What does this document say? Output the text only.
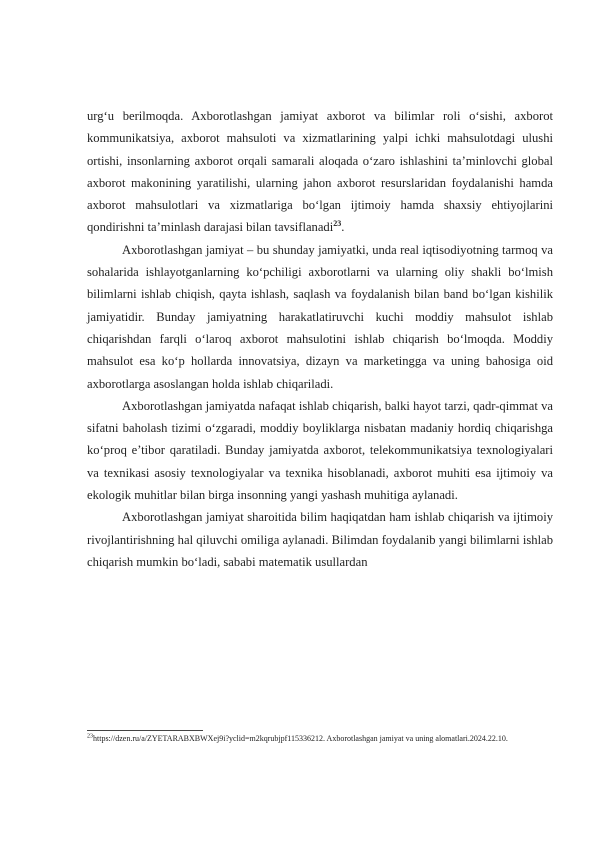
urg‘u berilmoqda. Axborotlashgan jamiyat axborot va bilimlar roli o‘sishi, axborot kommunikatsiya, axborot mahsuloti va xizmatlarining yalpi ichki mahsulotdagi ulushi ortishi, insonlarning axborot orqali samarali aloqada o‘zaro ishlashini ta’minlovchi global axborot makonining yaratilishi, ularning jahon axborot resurslaridan foydalanishi hamda axborot mahsulotlari va xizmatlariga bo‘lgan ijtimoiy hamda shaxsiy ehtiyojlarini qondirishni ta’minlash darajasi bilan tavsiflanadi$^{23}$.

Axborotlashgan jamiyat – bu shunday jamiyatki, unda real iqtisodiyotning tarmoq va sohalarida ishlayotganlarning ko‘pchiligi axborotlarni va ularning oliy shakli bo‘lmish bilimlarni ishlab chiqish, qayta ishlash, saqlash va foydalanish bilan band bo‘lgan kishilik jamiyatidir. Bunday jamiyatning harakatlatiruvchi kuchi moddiy mahsulot ishlab chiqarishdan farqli o‘laroq axborot mahsulotini ishlab chiqarish bo‘lmoqda. Moddiy mahsulot esa ko‘p hollarda innovatsiya, dizayn va marketingga va uning bahosiga oid axborotlarga asoslangan holda ishlab chiqariladi.

Axborotlashgan jamiyatda nafaqat ishlab chiqarish, balki hayot tarzi, qadr-qimmat va sifatni baholash tizimi o‘zgaradi, moddiy boyliklarga nisbatan madaniy hordiq chiqarishga ko‘proq e’tibor qaratiladi. Bunday jamiyatda axborot, telekommunikatsiya texnologiyalari va texnikasi asosiy texnologiyalar va texnika hisoblanadi, axborot muhiti esa ijtimoiy va ekologik muhitlar bilan birga insonning yangi yashash muhitiga aylanadi.

Axborotlashgan jamiyat sharoitida bilim haqiqatdan ham ishlab chiqarish va ijtimoiy rivojlantirishning hal qiluvchi omiliga aylanadi. Bilimdan foydalanib yangi bilimlarni ishlab chiqarish mumkin bo‘ladi, sababi matematik usullardan

$^{23}$https://dzen.ru/a/ZYETARABXBWXej9i?yclid=m2kqrubjpf115336212. Axborotlashgan jamiyat va uning alomatlari.2024.22.10.
